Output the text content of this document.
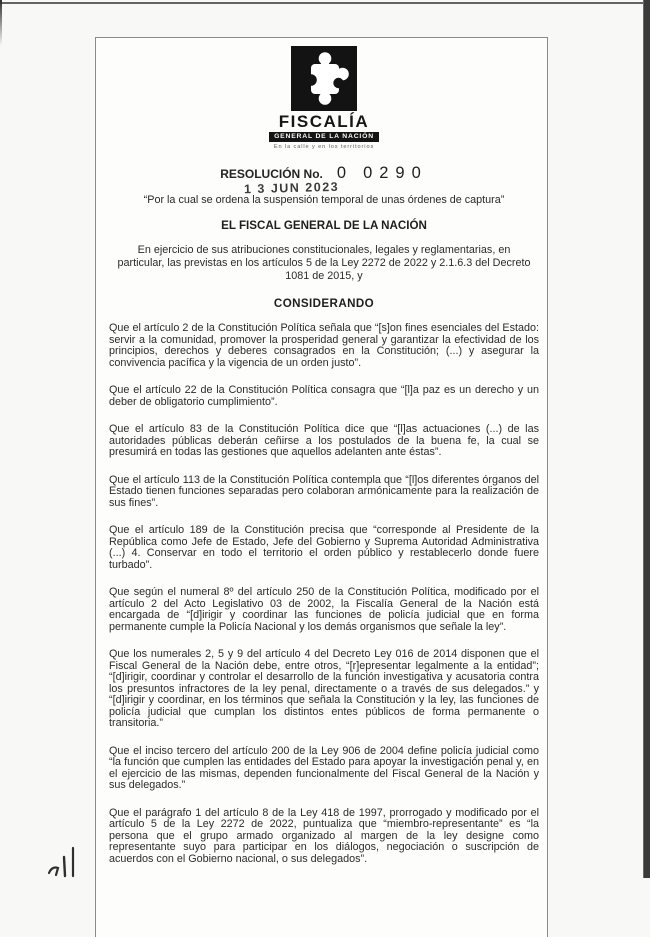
FISCALÍA
GENERAL DE LA NACIÓN
En la calle y en los territorios
RESOLUCIÓN No. 0 0290
1 3 JUN 2023
“Por la cual se ordena la suspensión temporal de unas órdenes de captura”
EL FISCAL GENERAL DE LA NACIÓN
En ejercicio de sus atribuciones constitucionales, legales y reglamentarias, en particular, las previstas en los artículos 5 de la Ley 2272 de 2022 y 2.1.6.3 del Decreto 1081 de 2015, y
CONSIDERANDO

Que el artículo 2 de la Constitución Política señala que “[s]on fines esenciales del Estado: servir a la comunidad, promover la prosperidad general y garantizar la efectividad de los principios, derechos y deberes consagrados en la Constitución; (...) y asegurar la convivencia pacífica y la vigencia de un orden justo”.

Que el artículo 22 de la Constitución Política consagra que “[l]a paz es un derecho y un deber de obligatorio cumplimiento”.

Que el artículo 83 de la Constitución Política dice que “[l]as actuaciones (...) de las autoridades públicas deberán ceñirse a los postulados de la buena fe, la cual se presumirá en todas las gestiones que aquellos adelanten ante éstas”.

Que el artículo 113 de la Constitución Política contempla que “[l]os diferentes órganos del Estado tienen funciones separadas pero colaboran armónicamente para la realización de sus fines”.

Que el artículo 189 de la Constitución precisa que “corresponde al Presidente de la República como Jefe de Estado, Jefe del Gobierno y Suprema Autoridad Administrativa (...) 4. Conservar en todo el territorio el orden público y restablecerlo donde fuere turbado”.

Que según el numeral 8º del artículo 250 de la Constitución Política, modificado por el artículo 2 del Acto Legislativo 03 de 2002, la Fiscalía General de la Nación está encargada de “[d]irigir y coordinar las funciones de policía judicial que en forma permanente cumple la Policía Nacional y los demás organismos que señale la ley”.

Que los numerales 2, 5 y 9 del artículo 4 del Decreto Ley 016 de 2014 disponen que el Fiscal General de la Nación debe, entre otros, “[r]epresentar legalmente a la entidad”; “[d]irigir, coordinar y controlar el desarrollo de la función investigativa y acusatoria contra los presuntos infractores de la ley penal, directamente o a través de sus delegados.” y “[d]irigir y coordinar, en los términos que señala la Constitución y la ley, las funciones de policía judicial que cumplan los distintos entes públicos de forma permanente o transitoria.”

Que el inciso tercero del artículo 200 de la Ley 906 de 2004 define policía judicial como “la función que cumplen las entidades del Estado para apoyar la investigación penal y, en el ejercicio de las mismas, dependen funcionalmente del Fiscal General de la Nación y sus delegados.”

Que el parágrafo 1 del artículo 8 de la Ley 418 de 1997, prorrogado y modificado por el artículo 5 de la Ley 2272 de 2022, puntualiza que “miembro-representante” es “la persona que el grupo armado organizado al margen de la ley designe como representante suyo para participar en los diálogos, negociación o suscripción de acuerdos con el Gobierno nacional, o sus delegados”.
